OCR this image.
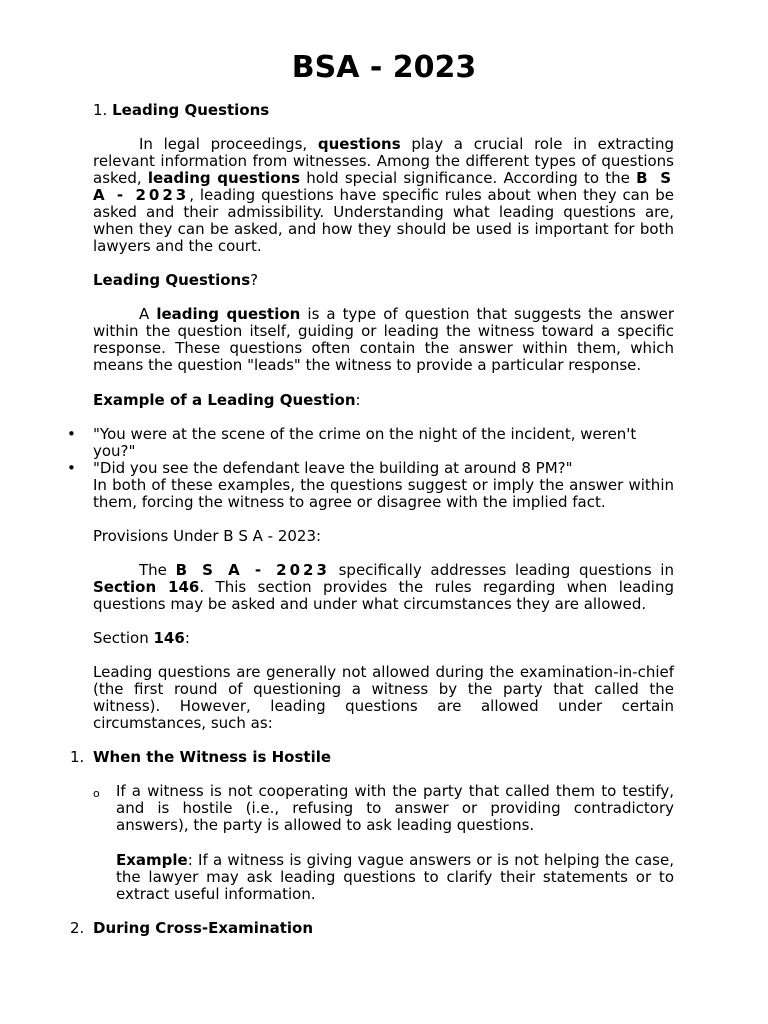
BSA - 2023

1. Leading Questions

In legal proceedings, questions play a crucial role in extracting relevant information from witnesses. Among the different types of questions asked, leading questions hold special significance. According to the B S A - 2023, leading questions have specific rules about when they can be asked and their admissibility. Understanding what leading questions are, when they can be asked, and how they should be used is important for both lawyers and the court.

Leading Questions?

A leading question is a type of question that suggests the answer within the question itself, guiding or leading the witness toward a specific response. These questions often contain the answer within them, which means the question "leads" the witness to provide a particular response.

Example of a Leading Question:

• "You were at the scene of the crime on the night of the incident, weren't you?"

• "Did you see the defendant leave the building at around 8 PM?"

In both of these examples, the questions suggest or imply the answer within them, forcing the witness to agree or disagree with the implied fact.

Provisions Under B S A - 2023:

The B S A - 2023 specifically addresses leading questions in Section 146. This section provides the rules regarding when leading questions may be asked and under what circumstances they are allowed.

Section 146:

Leading questions are generally not allowed during the examination-in-chief (the first round of questioning a witness by the party that called the witness). However, leading questions are allowed under certain circumstances, such as:

1. When the Witness is Hostile

o If a witness is not cooperating with the party that called them to testify, and is hostile (i.e., refusing to answer or providing contradictory answers), the party is allowed to ask leading questions.

Example: If a witness is giving vague answers or is not helping the case, the lawyer may ask leading questions to clarify their statements or to extract useful information.

2. During Cross-Examination
